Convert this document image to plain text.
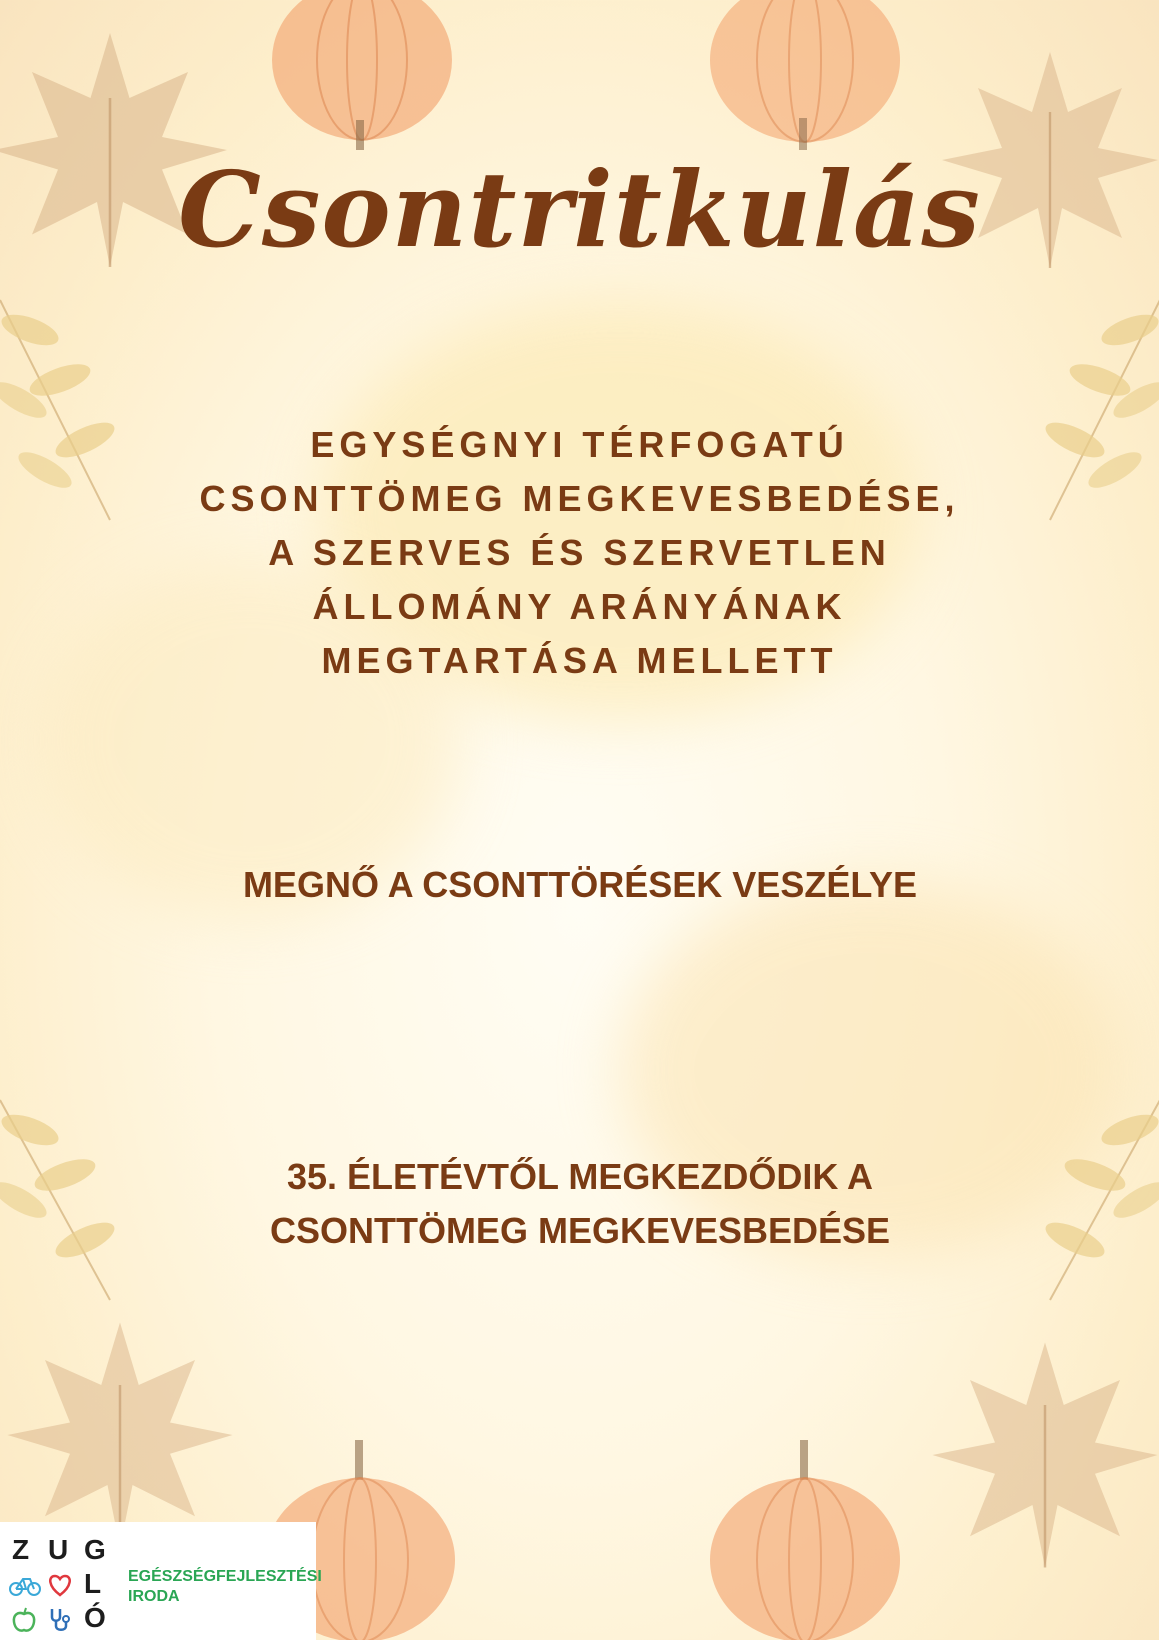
Csontritkulás
EGYSÉGNYI TÉRFOGATÚ
CSONTTÖMEG MEGKEVESBEDÉSE,
A SZERVES ÉS SZERVETLEN
ÁLLOMÁNY ARÁNYÁNAK
MEGTARTÁSA MELLETT
MEGNŐ A CSONTTÖRÉSEK VESZÉLYE
35. ÉLETÉVTŐL MEGKEZDŐDIK A
CSONTTÖMEG MEGKEVESBEDÉSE
Z U G
L
Ó
EGÉSZSÉGFEJLESZTÉSI
IRODA
